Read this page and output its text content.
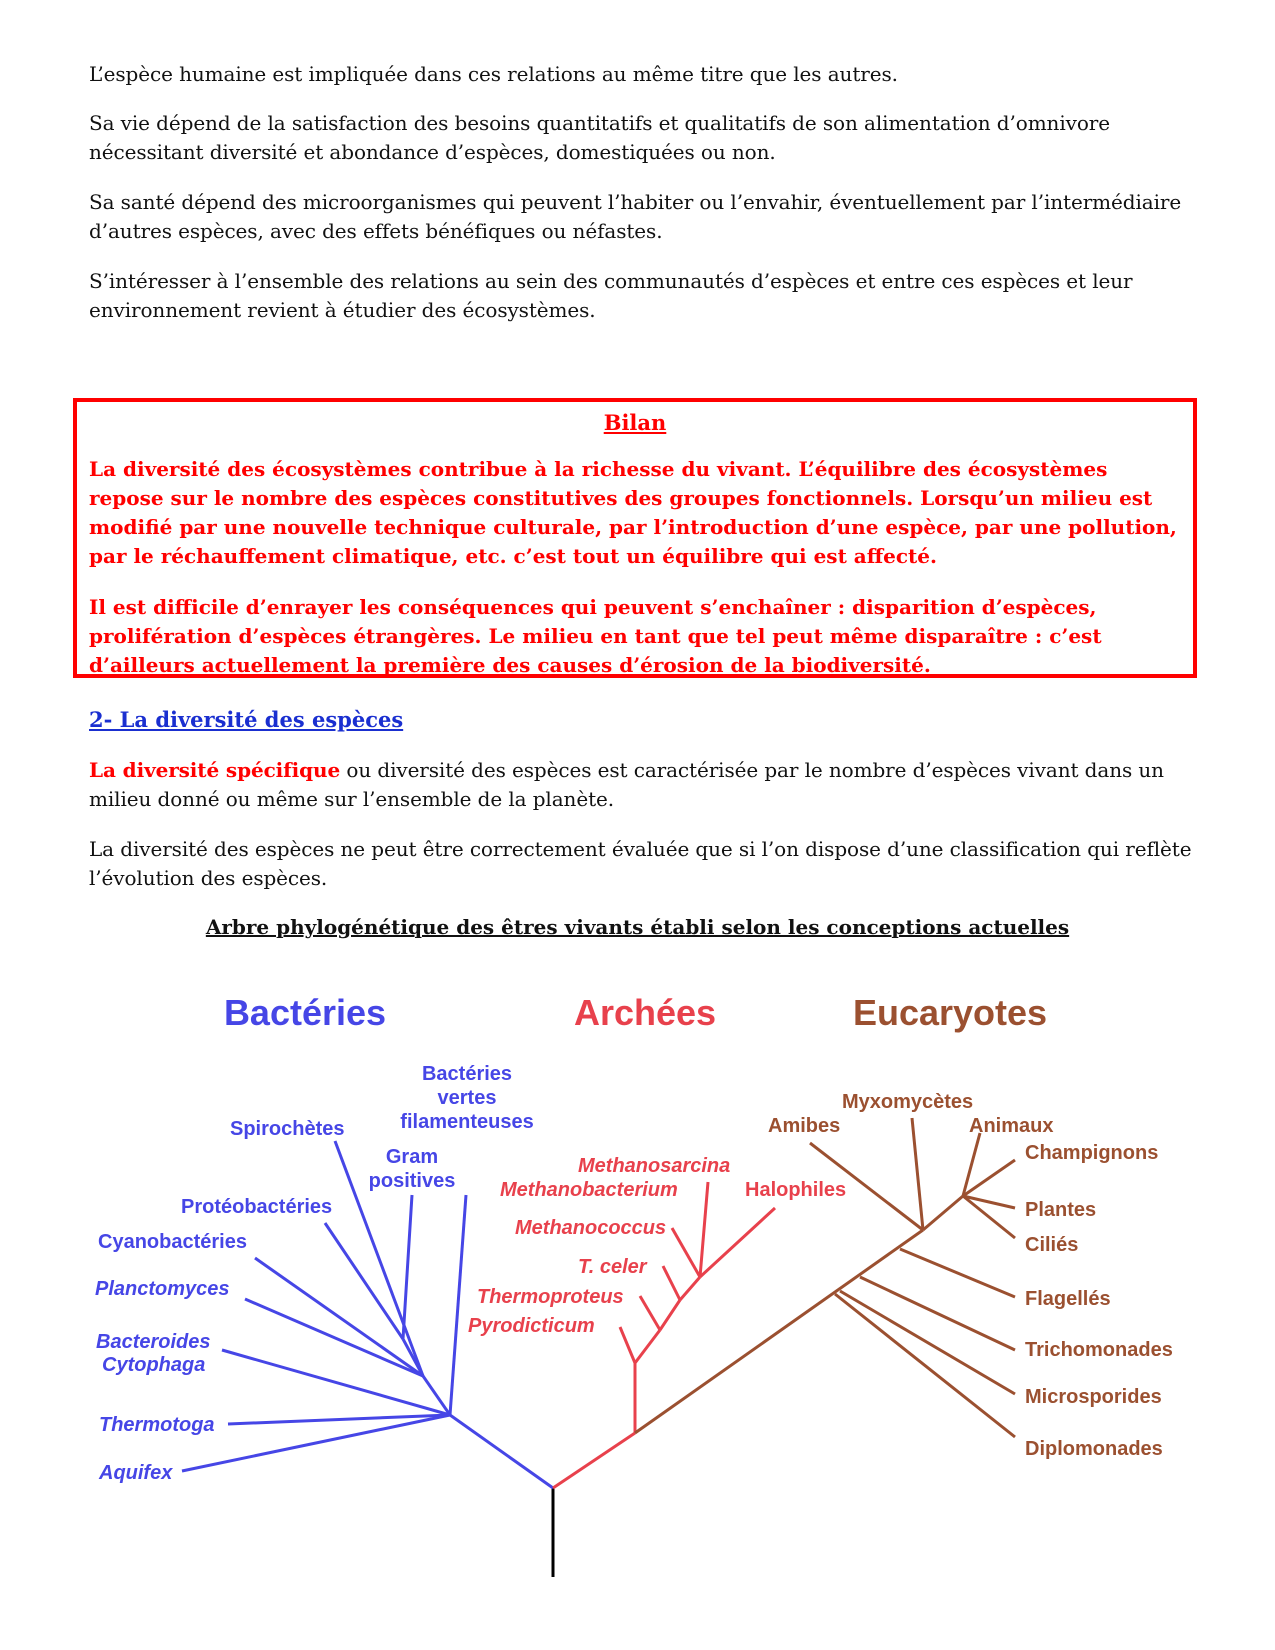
L’espèce humaine est impliquée dans ces relations au même titre que les autres.

Sa vie dépend de la satisfaction des besoins quantitatifs et qualitatifs de son alimentation d’omnivore nécessitant diversité et abondance d’espèces, domestiquées ou non.

Sa santé dépend des microorganismes qui peuvent l’habiter ou l’envahir, éventuellement par l’intermédiaire d’autres espèces, avec des effets bénéfiques ou néfastes.

S’intéresser à l’ensemble des relations au sein des communautés d’espèces et entre ces espèces et leur environnement revient à étudier des écosystèmes.

Bilan

La diversité des écosystèmes contribue à la richesse du vivant. L’équilibre des écosystèmes repose sur le nombre des espèces constitutives des groupes fonctionnels. Lorsqu’un milieu est modifié par une nouvelle technique culturale, par l’introduction d’une espèce, par une pollution, par le réchauffement climatique, etc. c’est tout un équilibre qui est affecté.

Il est difficile d’enrayer les conséquences qui peuvent s’enchaîner : disparition d’espèces, prolifération d’espèces étrangères. Le milieu en tant que tel peut même disparaître : c’est d’ailleurs actuellement la première des causes d’érosion de la biodiversité.

2- La diversité des espèces

La diversité spécifique ou diversité des espèces est caractérisée par le nombre d’espèces vivant dans un milieu donné ou même sur l’ensemble de la planète.

La diversité des espèces ne peut être correctement évaluée que si l’on dispose d’une classification qui reflète l’évolution des espèces.

Arbre phylogénétique des êtres vivants établi selon les conceptions actuelles
Bactéries	Archées	Eucaryotes
Bactéries
vertes
filamenteuses
Spirochètes
Gram
positives
Protéobactéries
Cyanobactéries
Planctomyces
Bacteroides
Cytophaga
Thermotoga
Aquifex
Methanosarcina
Methanobacterium	Halophiles
Methanococcus
T. celer
Thermoproteus
Pyrodicticum
Myxomycètes
Amibes	Animaux
Champignons
Plantes
Ciliés
Flagellés
Trichomonades
Microsporides
Diplomonades
